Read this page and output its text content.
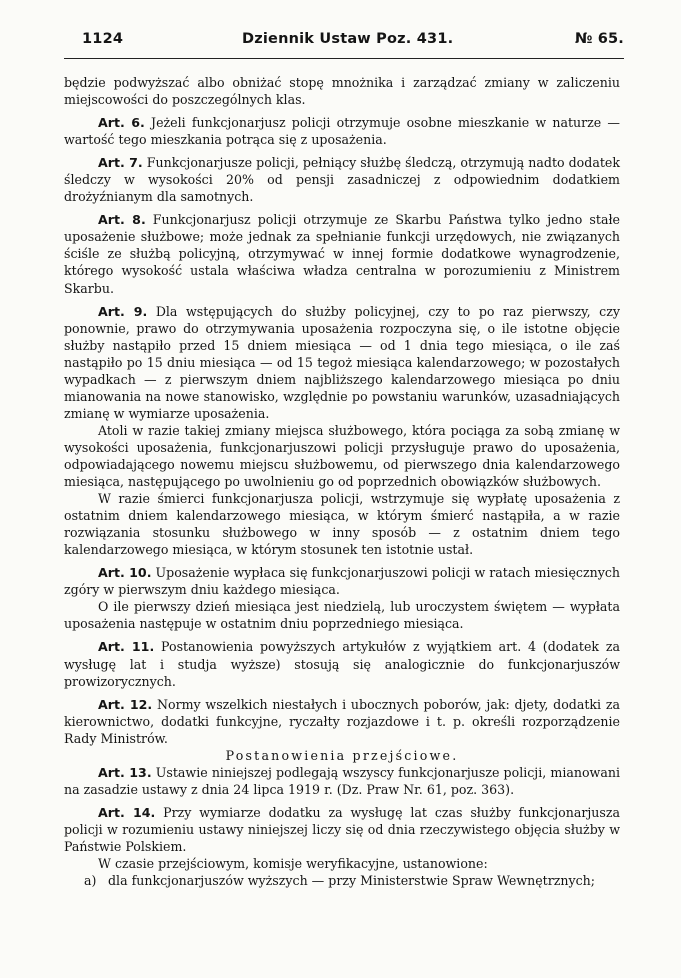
1124	Dziennik Ustaw Poz. 431.	№ 65.

będzie podwyższać albo obniżać stopę mnożnika i zarządzać zmiany w zaliczeniu miejscowości do poszczególnych klas.

Art. 6. Jeżeli funkcjonarjusz policji otrzymuje osobne mieszkanie w naturze — wartość tego mieszkania potrąca się z uposażenia.

Art. 7. Funkcjonarjusze policji, pełniący służbę śledczą, otrzymują nadto dodatek śledczy w wysokości 20% od pensji zasadniczej z odpowiednim dodatkiem drożyźnianym dla samotnych.

Art. 8. Funkcjonarjusz policji otrzymuje ze Skarbu Państwa tylko jedno stałe uposażenie służbowe; może jednak za spełnianie funkcji urzędowych, nie związanych ściśle ze służbą policyjną, otrzymywać w innej formie dodatkowe wynagrodzenie, którego wysokość ustala właściwa władza centralna w porozumieniu z Ministrem Skarbu.

Art. 9. Dla wstępujących do służby policyjnej, czy to po raz pierwszy, czy ponownie, prawo do otrzymywania uposażenia rozpoczyna się, o ile istotne objęcie służby nastąpiło przed 15 dniem miesiąca — od 1 dnia tego miesiąca, o ile zaś nastąpiło po 15 dniu miesiąca — od 15 tegoż miesiąca kalendarzowego; w pozostałych wypadkach — z pierwszym dniem najbliższego kalendarzowego miesiąca po dniu mianowania na nowe stanowisko, względnie po powstaniu warunków, uzasadniających zmianę w wymiarze uposażenia.

Atoli w razie takiej zmiany miejsca służbowego, która pociąga za sobą zmianę w wysokości uposażenia, funkcjonarjuszowi policji przysługuje prawo do uposażenia, odpowiadającego nowemu miejscu służbowemu, od pierwszego dnia kalendarzowego miesiąca, następującego po uwolnieniu go od poprzednich obowiązków służbowych.

W razie śmierci funkcjonarjusza policji, wstrzymuje się wypłatę uposażenia z ostatnim dniem kalendarzowego miesiąca, w którym śmierć nastąpiła, a w razie rozwiązania stosunku służbowego w inny sposób — z ostatnim dniem tego kalendarzowego miesiąca, w którym stosunek ten istotnie ustał.

Art. 10. Uposażenie wypłaca się funkcjonarjuszowi policji w ratach miesięcznych zgóry w pierwszym dniu każdego miesiąca.

O ile pierwszy dzień miesiąca jest niedzielą, lub uroczystem świętem — wypłata uposażenia następuje w ostatnim dniu poprzedniego miesiąca.

Art. 11. Postanowienia powyższych artykułów z wyjątkiem art. 4 (dodatek za wysługę lat i studja wyższe) stosują się analogicznie do funkcjonarjuszów prowizorycznych.

Art. 12. Normy wszelkich niestałych i ubocznych poborów, jak: djety, dodatki za kierownictwo, dodatki funkcyjne, ryczałty rozjazdowe i t. p. określi rozporządzenie Rady Ministrów.

Postanowienia przejściowe.

Art. 13. Ustawie niniejszej podlegają wszyscy funkcjonarjusze policji, mianowani na zasadzie ustawy z dnia 24 lipca 1919 r. (Dz. Praw Nr. 61, poz. 363).

Art. 14. Przy wymiarze dodatku za wysługę lat czas służby funkcjonarjusza policji w rozumieniu ustawy niniejszej liczy się od dnia rzeczywistego objęcia służby w Państwie Polskiem.

W czasie przejściowym, komisje weryfikacyjne, ustanowione:

a) dla funkcjonarjuszów wyższych — przy Ministerstwie Spraw Wewnętrznych;
